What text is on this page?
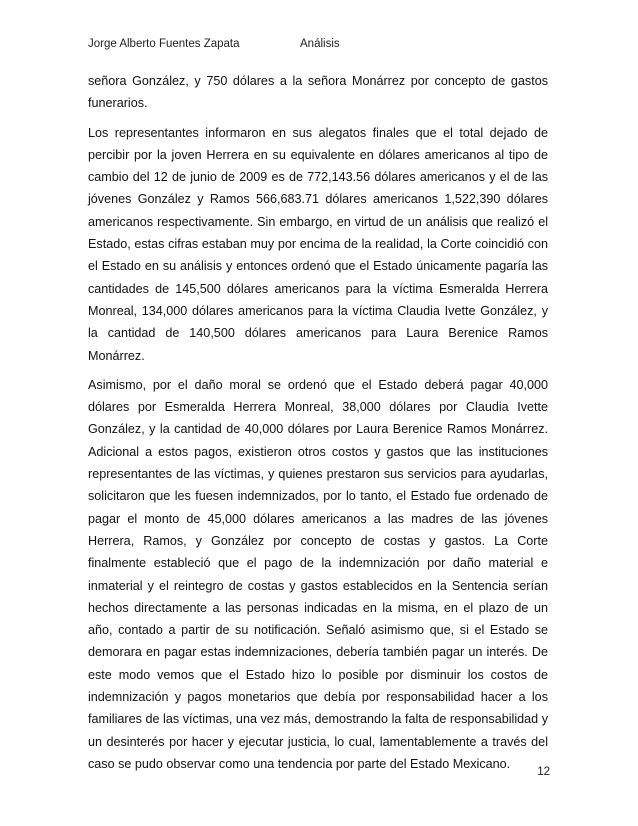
Jorge Alberto Fuentes Zapata	Análisis

señora González, y 750 dólares a la señora Monárrez por concepto de gastos funerarios.

Los representantes informaron en sus alegatos finales que el total dejado de percibir por la joven Herrera en su equivalente en dólares americanos al tipo de cambio del 12 de junio de 2009 es de 772,143.56 dólares americanos y el de las jóvenes González y Ramos 566,683.71 dólares americanos 1,522,390 dólares americanos respectivamente. Sin embargo, en virtud de un análisis que realizó el Estado, estas cifras estaban muy por encima de la realidad, la Corte coincidió con el Estado en su análisis y entonces ordenó que el Estado únicamente pagaría las cantidades de 145,500 dólares americanos para la víctima Esmeralda Herrera Monreal, 134,000 dólares americanos para la víctima Claudia Ivette González, y la cantidad de 140,500 dólares americanos para Laura Berenice Ramos Monárrez.

Asimismo, por el daño moral se ordenó que el Estado deberá pagar 40,000 dólares por Esmeralda Herrera Monreal, 38,000 dólares por Claudia Ivette González, y la cantidad de 40,000 dólares por Laura Berenice Ramos Monárrez. Adicional a estos pagos, existieron otros costos y gastos que las instituciones representantes de las víctimas, y quienes prestaron sus servicios para ayudarlas, solicitaron que les fuesen indemnizados, por lo tanto, el Estado fue ordenado de pagar el monto de 45,000 dólares americanos a las madres de las jóvenes Herrera, Ramos, y González por concepto de costas y gastos. La Corte finalmente estableció que el pago de la indemnización por daño material e inmaterial y el reintegro de costas y gastos establecidos en la Sentencia serían hechos directamente a las personas indicadas en la misma, en el plazo de un año, contado a partir de su notificación. Señaló asimismo que, si el Estado se demorara en pagar estas indemnizaciones, debería también pagar un interés. De este modo vemos que el Estado hizo lo posible por disminuir los costos de indemnización y pagos monetarios que debía por responsabilidad hacer a los familiares de las víctimas, una vez más, demostrando la falta de responsabilidad y un desinterés por hacer y ejecutar justicia, lo cual, lamentablemente a través del caso se pudo observar como una tendencia por parte del Estado Mexicano.

12
